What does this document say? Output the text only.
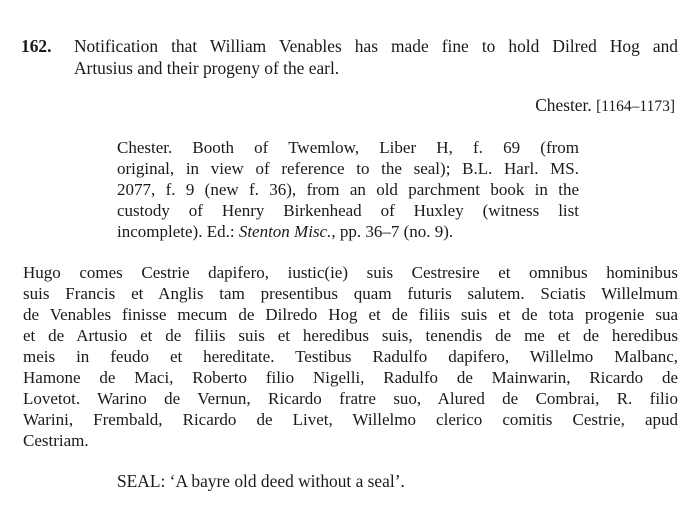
162. Notification that William Venables has made fine to hold Dilred Hog and
Artusius and their progeny of the earl.
Chester. [1164–1173]
Chester. Booth of Twemlow, Liber H, f. 69 (from
original, in view of reference to the seal); B.L. Harl. MS.
2077, f. 9 (new f. 36), from an old parchment book in the
custody of Henry Birkenhead of Huxley (witness list
incomplete). Ed.: Stenton Misc., pp. 36–7 (no. 9).
Hugo comes Cestrie dapifero, iustic(ie) suis Cestresire et omnibus hominibus
suis Francis et Anglis tam presentibus quam futuris salutem. Sciatis Willelmum
de Venables finisse mecum de Dilredo Hog et de filiis suis et de tota progenie sua
et de Artusio et de filiis suis et heredibus suis, tenendis de me et de heredibus
meis in feudo et hereditate. Testibus Radulfo dapifero, Willelmo Malbanc,
Hamone de Maci, Roberto filio Nigelli, Radulfo de Mainwarin, Ricardo de
Lovetot. Warino de Vernun, Ricardo fratre suo, Alured de Combrai, R. filio
Warini, Frembald, Ricardo de Livet, Willelmo clerico comitis Cestrie, apud
Cestriam.
SEAL: ‘A bayre old deed without a seal’.
